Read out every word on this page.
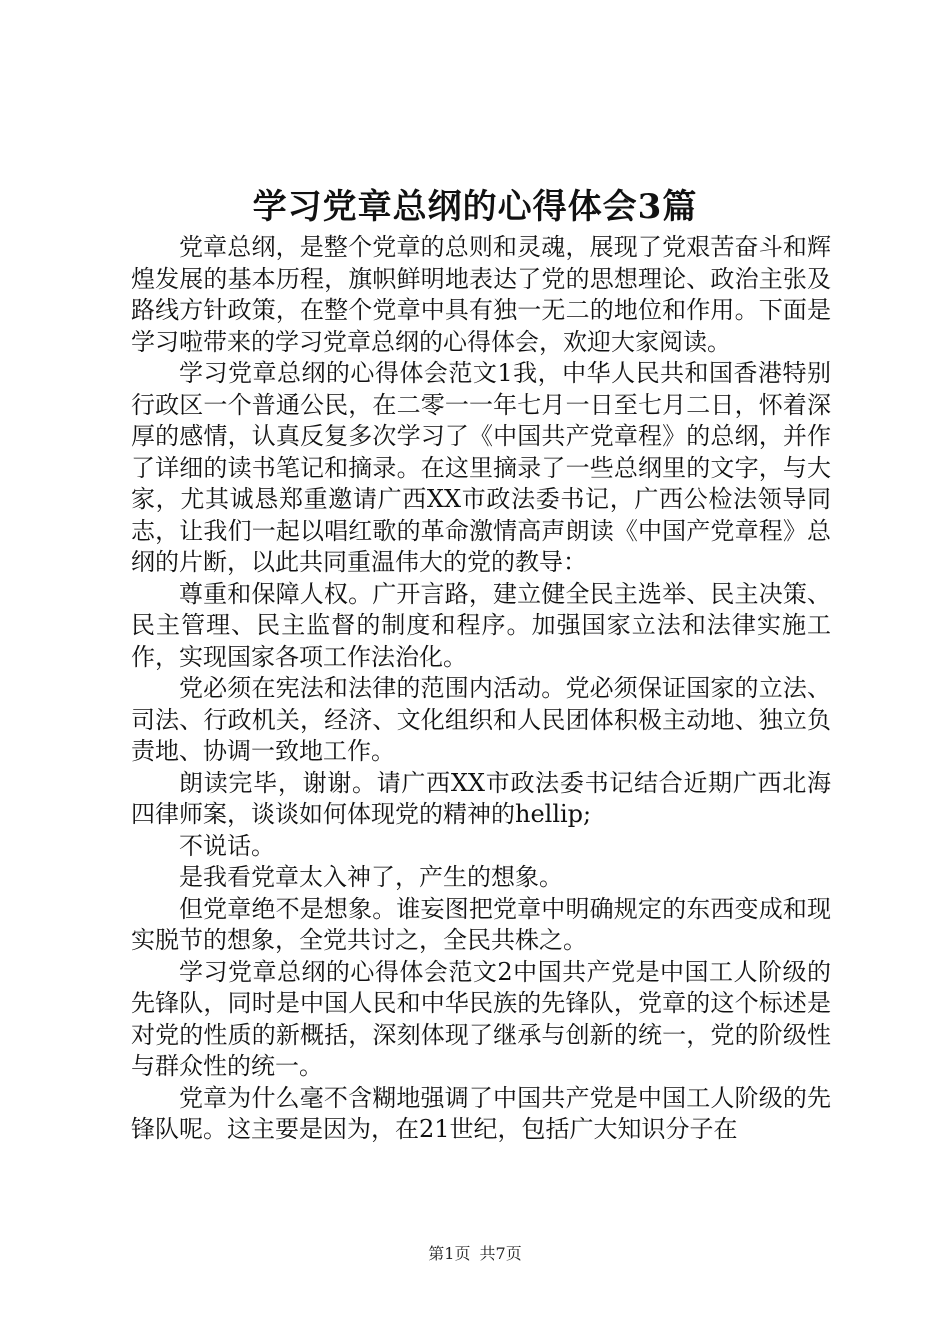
学习党章总纲的心得体会3篇

党章总纲，是整个党章的总则和灵魂，展现了党艰苦奋斗和辉煌发展的基本历程，旗帜鲜明地表达了党的思想理论、政治主张及路线方针政策，在整个党章中具有独一无二的地位和作用。下面是学习啦带来的学习党章总纲的心得体会，欢迎大家阅读。

学习党章总纲的心得体会范文1我，中华人民共和国香港特别行政区一个普通公民，在二零一一年七月一日至七月二日，怀着深厚的感情，认真反复多次学习了《中国共产党章程》的总纲，并作了详细的读书笔记和摘录。在这里摘录了一些总纲里的文字，与大家，尤其诚恳郑重邀请广西XX市政法委书记，广西公检法领导同志，让我们一起以唱红歌的革命激情高声朗读《中国产党章程》总纲的片断，以此共同重温伟大的党的教导：

尊重和保障人权。广开言路，建立健全民主选举、民主决策、民主管理、民主监督的制度和程序。加强国家立法和法律实施工作，实现国家各项工作法治化。

党必须在宪法和法律的范围内活动。党必须保证国家的立法、司法、行政机关，经济、文化组织和人民团体积极主动地、独立负责地、协调一致地工作。

朗读完毕，谢谢。请广西XX市政法委书记结合近期广西北海四律师案，谈谈如何体现党的精神的hellip;

不说话。

是我看党章太入神了，产生的想象。

但党章绝不是想象。谁妄图把党章中明确规定的东西变成和现实脱节的想象，全党共讨之，全民共株之。

学习党章总纲的心得体会范文2中国共产党是中国工人阶级的先锋队，同时是中国人民和中华民族的先锋队，党章的这个标述是对党的性质的新概括，深刻体现了继承与创新的统一，党的阶级性与群众性的统一。

党章为什么毫不含糊地强调了中国共产党是中国工人阶级的先锋队呢。这主要是因为，在21世纪，包括广大知识分子在

第1页 共7页
